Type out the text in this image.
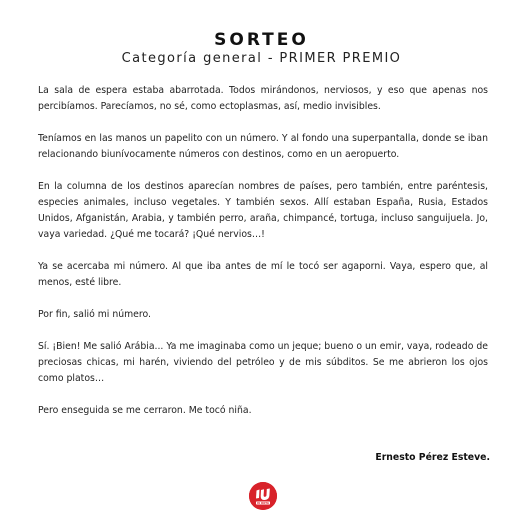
SORTEO
Categoría general - PRIMER PREMIO

La sala de espera estaba abarrotada. Todos mirándonos, nerviosos, y eso que apenas nos percibíamos. Parecíamos, no sé, como ectoplasmas, así, medio invisibles.

Teníamos en las manos un papelito con un número. Y al fondo una superpantalla, donde se iban relacionando biunívocamente números con destinos, como en un aeropuerto.

En la columna de los destinos aparecían nombres de países, pero también, entre paréntesis, especies animales, incluso vegetales. Y también sexos. Allí estaban España, Rusia, Estados Unidos, Afganistán, Arabia, y también perro, araña, chimpancé, tortuga, incluso sanguijuela. Jo, vaya variedad. ¿Qué me tocará? ¡Qué nervios…!

Ya se acercaba mi número. Al que iba antes de mí le tocó ser agaporni. Vaya, espero que, al menos, esté libre.

Por fin, salió mi número.

Sí. ¡Bien! Me salió Arábia... Ya me imaginaba como un jeque; bueno o un emir, vaya, rodeado de preciosas chicas, mi harén, viviendo del petróleo y de mis súbditos. Se me abrieron los ojos como platos…

Pero enseguida se me cerraron. Me tocó niña.

Ernesto Pérez Esteve.
IU ROTA
